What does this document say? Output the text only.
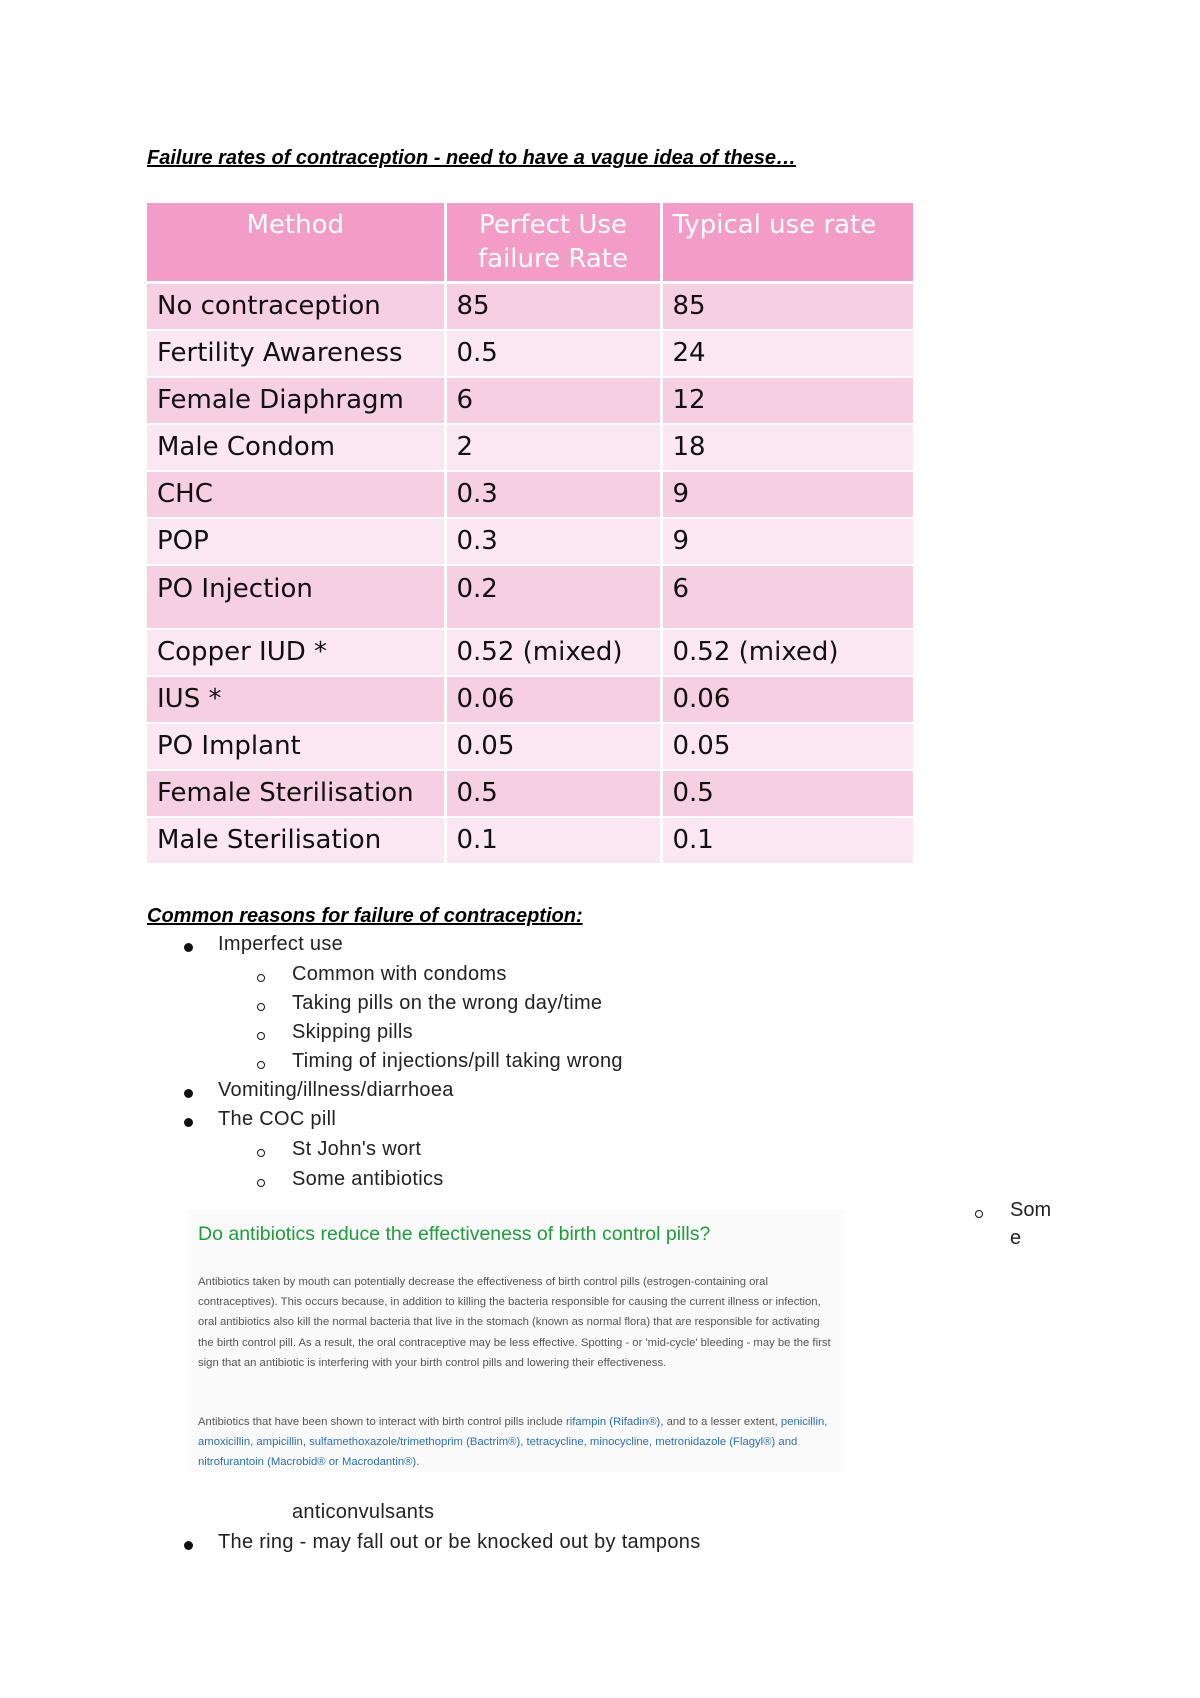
Failure rates of contraception - need to have a vague idea of these…
Method	Perfect Use failure Rate	Typical use rate
No contraception	85	85
Fertility Awareness	0.5	24
Female Diaphragm	6	12
Male Condom	2	18
CHC	0.3	9
POP	0.3	9
PO Injection	0.2	6
Copper IUD *	0.52 (mixed)	0.52 (mixed)
IUS *	0.06	0.06
PO Implant	0.05	0.05
Female Sterilisation	0.5	0.5
Male Sterilisation	0.1	0.1
Common reasons for failure of contraception:
Imperfect use
Common with condoms
Taking pills on the wrong day/time
Skipping pills
Timing of injections/pill taking wrong
Vomiting/illness/diarrhoea
The COC pill
St John's wort
Some antibiotics
Som
e
anticonvulsants
The ring - may fall out or be knocked out by tampons
Do antibiotics reduce the effectiveness of birth control pills?
Antibiotics taken by mouth can potentially decrease the effectiveness of birth control pills (estrogen-containing oral contraceptives). This occurs because, in addition to killing the bacteria responsible for causing the current illness or infection, oral antibiotics also kill the normal bacteria that live in the stomach (known as normal flora) that are responsible for activating the birth control pill. As a result, the oral contraceptive may be less effective. Spotting - or 'mid-cycle' bleeding - may be the first sign that an antibiotic is interfering with your birth control pills and lowering their effectiveness.
Antibiotics that have been shown to interact with birth control pills include rifampin (Rifadin®), and to a lesser extent, penicillin, amoxicillin, ampicillin, sulfamethoxazole/trimethoprim (Bactrim®), tetracycline, minocycline, metronidazole (Flagyl®) and nitrofurantoin (Macrobid® or Macrodantin®).
